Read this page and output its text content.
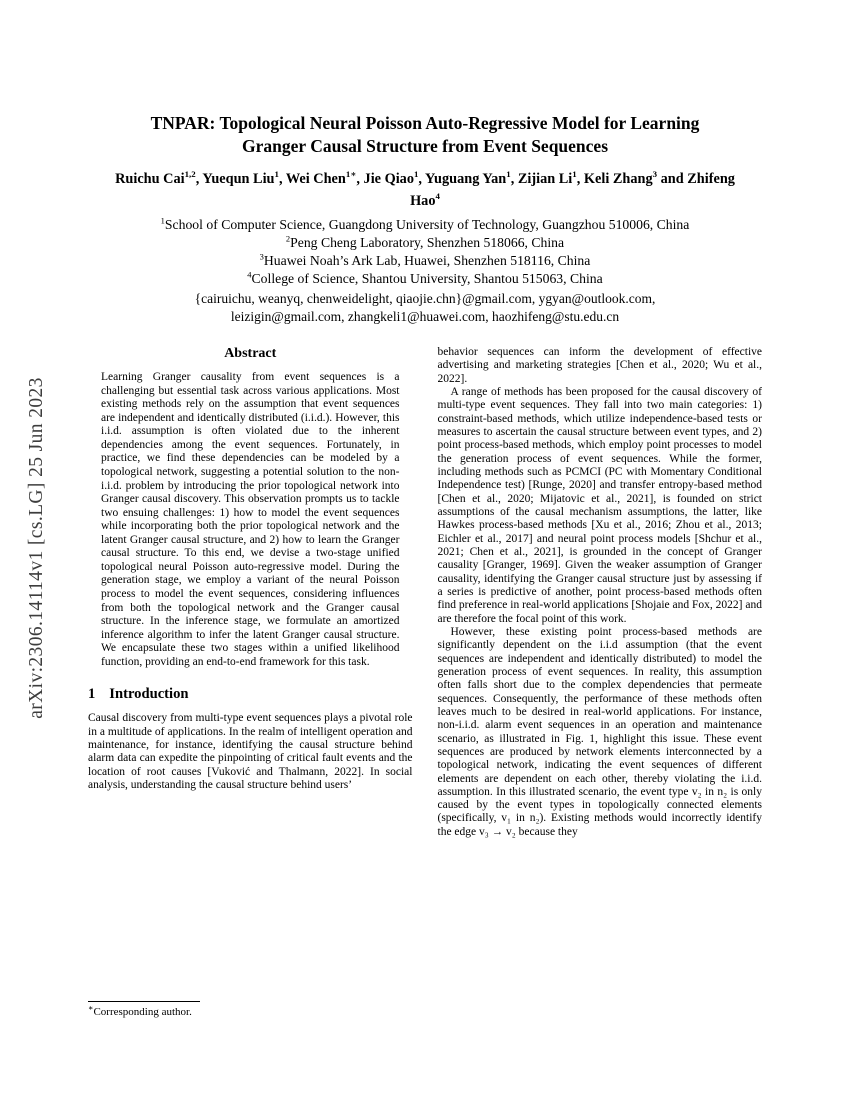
arXiv:2306.14114v1 [cs.LG] 25 Jun 2023
TNPAR: Topological Neural Poisson Auto-Regressive Model for Learning
Granger Causal Structure from Event Sequences
Ruichu Cai$^{1,2}$, Yuequn Liu$^1$, Wei Chen$^{1∗}$, Jie Qiao$^1$, Yuguang Yan$^1$, Zijian Li$^1$, Keli Zhang$^3$ and Zhifeng Hao$^4$
$^1$School of Computer Science, Guangdong University of Technology, Guangzhou 510006, China
$^2$Peng Cheng Laboratory, Shenzhen 518066, China
$^3$Huawei Noah’s Ark Lab, Huawei, Shenzhen 518116, China
$^4$College of Science, Shantou University, Shantou 515063, China
{cairuichu, weanyq, chenweidelight, qiaojie.chn}@gmail.com, ygyan@outlook.com,
leizigin@gmail.com, zhangkeli1@huawei.com, haozhifeng@stu.edu.cn
Abstract

Learning Granger causality from event sequences is a challenging but essential task across various applications. Most existing methods rely on the assumption that event sequences are independent and identically distributed (i.i.d.). However, this i.i.d. assumption is often violated due to the inherent dependencies among the event sequences. Fortunately, in practice, we find these dependencies can be modeled by a topological network, suggesting a potential solution to the non-i.i.d. problem by introducing the prior topological network into Granger causal discovery. This observation prompts us to tackle two ensuing challenges: 1) how to model the event sequences while incorporating both the prior topological network and the latent Granger causal structure, and 2) how to learn the Granger causal structure. To this end, we devise a two-stage unified topological neural Poisson auto-regressive model. During the generation stage, we employ a variant of the neural Poisson process to model the event sequences, considering influences from both the topological network and the Granger causal structure. In the inference stage, we formulate an amortized inference algorithm to infer the latent Granger causal structure. We encapsulate these two stages within a unified likelihood function, providing an end-to-end framework for this task.

1 Introduction

Causal discovery from multi-type event sequences plays a pivotal role in a multitude of applications. In the realm of intelligent operation and maintenance, for instance, identifying the causal structure behind alarm data can expedite the pinpointing of critical fault events and the location of root causes [Vuković and Thalmann, 2022]. In social analysis, understanding the causal structure behind users’

∗Corresponding author.

behavior sequences can inform the development of effective advertising and marketing strategies [Chen et al., 2020; Wu et al., 2022].

A range of methods has been proposed for the causal discovery of multi-type event sequences. They fall into two main categories: 1) constraint-based methods, which utilize independence-based tests or measures to ascertain the causal structure between event types, and 2) point process-based methods, which employ point processes to model the generation process of event sequences. While the former, including methods such as PCMCI (PC with Momentary Conditional Independence test) [Runge, 2020] and transfer entropy-based method [Chen et al., 2020; Mijatovic et al., 2021], is founded on strict assumptions of the causal mechanism assumptions, the latter, like Hawkes process-based methods [Xu et al., 2016; Zhou et al., 2013; Eichler et al., 2017] and neural point process models [Shchur et al., 2021; Chen et al., 2021], is grounded in the concept of Granger causality [Granger, 1969]. Given the weaker assumption of Granger causality, identifying the Granger causal structure just by assessing if a series is predictive of another, point process-based methods often find preference in real-world applications [Shojaie and Fox, 2022] and are therefore the focal point of this work.

However, these existing point process-based methods are significantly dependent on the i.i.d assumption (that the event sequences are independent and identically distributed) to model the generation process of event sequences. In reality, this assumption often falls short due to the complex dependencies that permeate sequences. Consequently, the performance of these methods often leaves much to be desired in real-world applications. For instance, non-i.i.d. alarm event sequences in an operation and maintenance scenario, as illustrated in Fig. 1, highlight this issue. These event sequences are produced by network elements interconnected by a topological network, indicating the event sequences of different elements are dependent on each other, thereby violating the i.i.d. assumption. In this illustrated scenario, the event type v₂ in n₂ is only caused by the event types in topologically connected elements (specifically, v₁ in n₂). Existing methods would incorrectly identify the edge v₃ → v₂ because they
